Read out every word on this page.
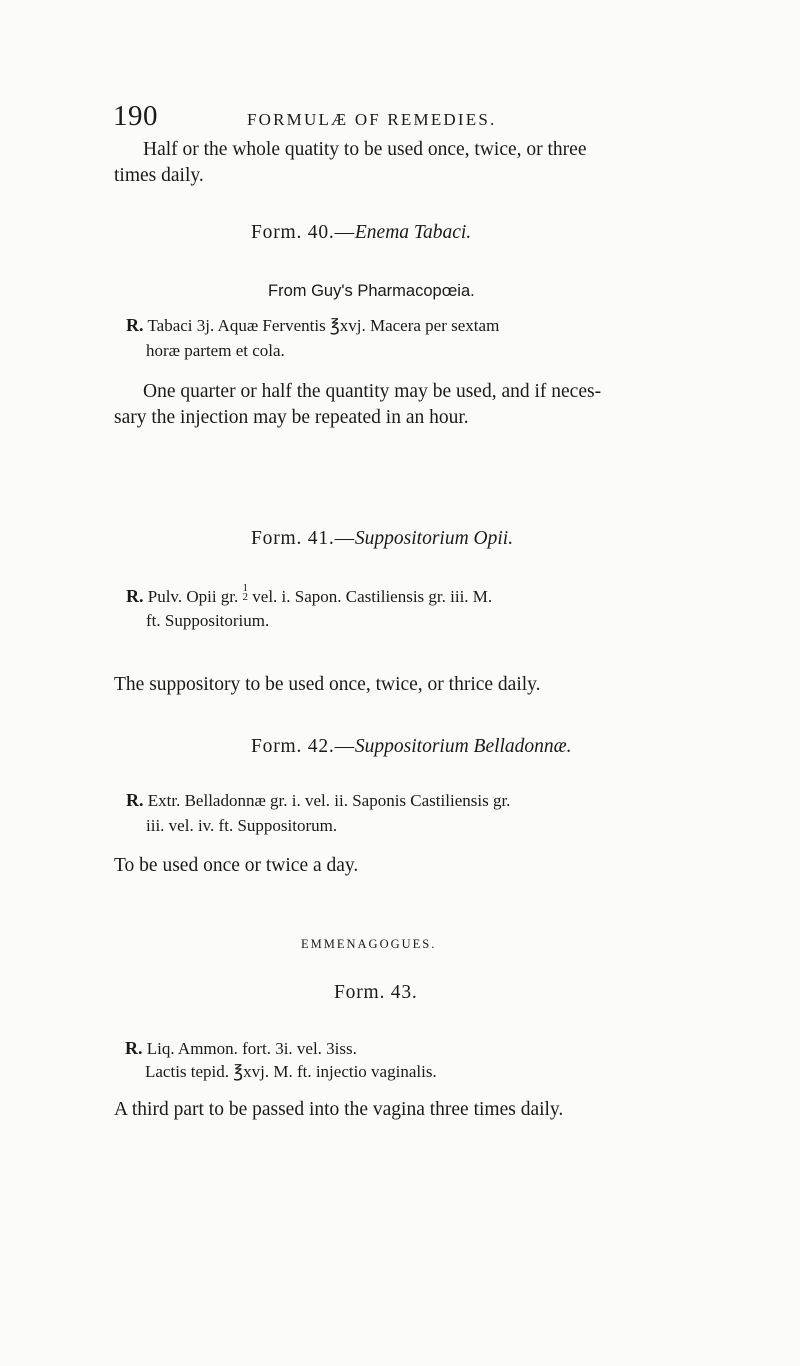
190	FORMULÆ OF REMEDIES.
Half or the whole quatity to be used once, twice, or three
times daily.
Form. 40.—Enema Tabaci.
From Guy's Pharmacopœia.
R. Tabaci 3j. Aquæ Ferventis ℥xvj. Macera per sextam
horæ partem et cola.
One quarter or half the quantity may be used, and if neces-
sary the injection may be repeated in an hour.
Form. 41.—Suppositorium Opii.
R. Pulv. Opii gr. 1
2 vel. i. Sapon. Castiliensis gr. iii. M.
ft. Suppositorium.
The suppository to be used once, twice, or thrice daily.
Form. 42.—Suppositorium Belladonnæ.
R. Extr. Belladonnæ gr. i. vel. ii. Saponis Castiliensis gr.
iii. vel. iv. ft. Suppositorum.
To be used once or twice a day.
EMMENAGOGUES.
Form. 43.
R. Liq. Ammon. fort. 3i. vel. 3iss.
Lactis tepid. ℥xvj. M. ft. injectio vaginalis.
A third part to be passed into the vagina three times daily.
